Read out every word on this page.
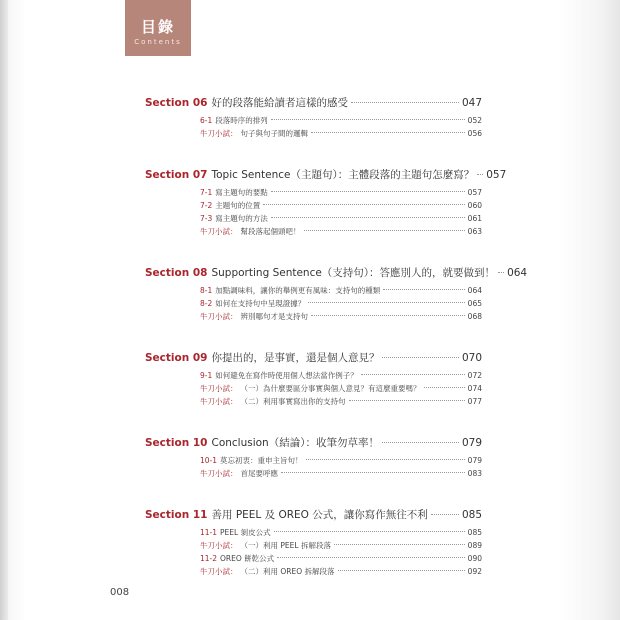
目錄
Contents
Section 06 好的段落能給讀者這樣的感受	047
6-1 段落時序的排列	052
牛刀小試： 句子與句子間的邏輯	056
Section 07 Topic Sentence（主題句）：主體段落的主題句怎麼寫？ 057
7-1 寫主題句的要點	057
7-2 主題句的位置	060
7-3 寫主題句的方法	061
牛刀小試： 幫段落起個頭吧！	063
Section 08 Supporting Sentence（支持句）：答應別人的，就要做到！ 064
8-1 加點調味料，讓你的舉例更有風味：支持句的種類	064
8-2 如何在支持句中呈現證據？	065
牛刀小試： 辨別哪句才是支持句	068
Section 09 你提出的，是事實，還是個人意見？	070
9-1 如何避免在寫作時使用個人想法當作例子？	072
牛刀小試： （一）為什麼要區分事實與個人意見？有這麼重要嗎？	074
牛刀小試： （二）利用事實寫出你的支持句	077
Section 10 Conclusion（結論）：收筆勿草率！	079
10-1 莫忘初衷：重申主旨句！	079
牛刀小試： 首尾要呼應	083
Section 11 善用 PEEL 及 OREO 公式，讓你寫作無往不利	085
11-1 PEEL 剝皮公式	085
牛刀小試： （一）利用 PEEL 拆解段落	089
11-2 OREO 餅乾公式	090
牛刀小試： （二）利用 OREO 拆解段落	092
008
